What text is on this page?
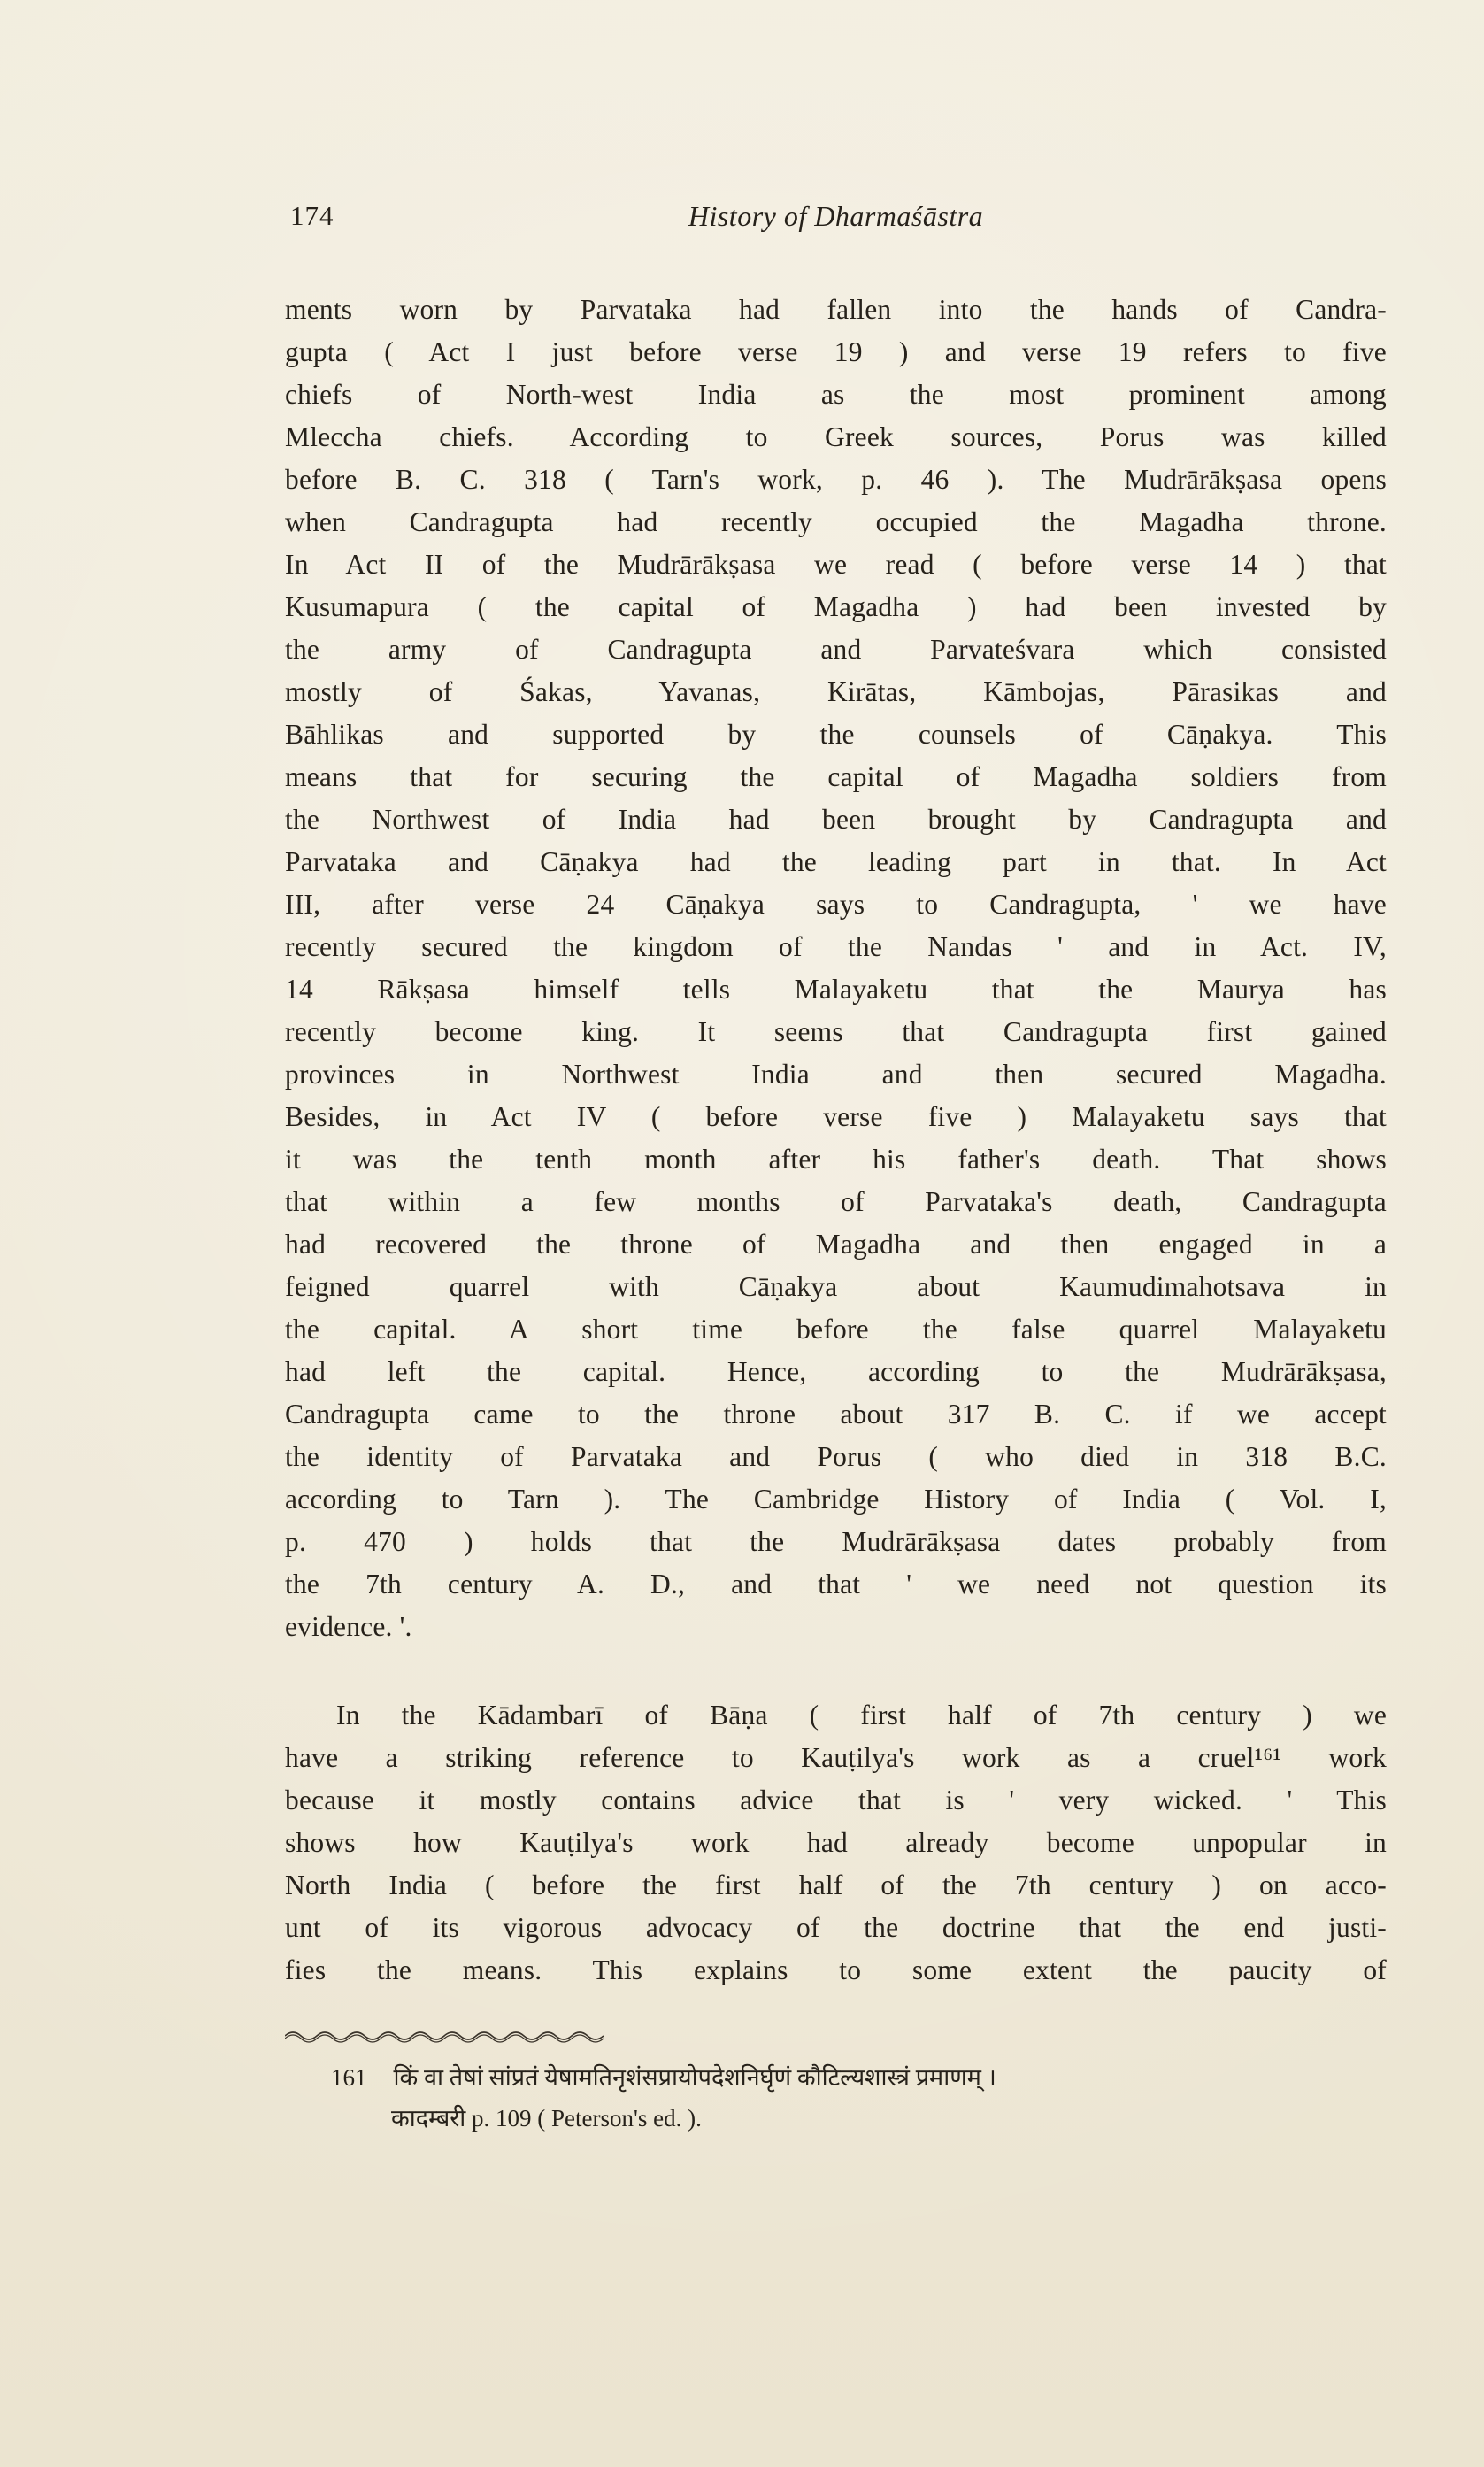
174	History of Dharmaśāstra
ments worn by Parvataka had fallen into the hands of Candra-
gupta ( Act I just before verse 19 ) and verse 19 refers to five
chiefs of North-west India as the most prominent among
Mleccha chiefs. According to Greek sources, Porus was killed
before B. C. 318 ( Tarn's work, p. 46 ). The Mudrārākṣasa opens
when Candragupta had recently occupied the Magadha throne.
In Act II of the Mudrārākṣasa we read ( before verse 14 ) that
Kusumapura ( the capital of Magadha ) had been invested by
the army of Candragupta and Parvateśvara which consisted
mostly of Śakas, Yavanas, Kirātas, Kāmbojas, Pārasikas and
Bāhlikas and supported by the counsels of Cāṇakya. This
means that for securing the capital of Magadha soldiers from
the Northwest of India had been brought by Candragupta and
Parvataka and Cāṇakya had the leading part in that. In Act
III, after verse 24 Cāṇakya says to Candragupta, ' we have
recently secured the kingdom of the Nandas ' and in Act. IV,
14 Rākṣasa himself tells Malayaketu that the Maurya has
recently become king. It seems that Candragupta first gained
provinces in Northwest India and then secured Magadha.
Besides, in Act IV ( before verse five ) Malayaketu says that
it was the tenth month after his father's death. That shows
that within a few months of Parvataka's death, Candragupta
had recovered the throne of Magadha and then engaged in a
feigned quarrel with Cāṇakya about Kaumudimahotsava in
the capital. A short time before the false quarrel Malayaketu
had left the capital. Hence, according to the Mudrārākṣasa,
Candragupta came to the throne about 317 B. C. if we accept
the identity of Parvataka and Porus ( who died in 318 B.C.
according to Tarn ). The Cambridge History of India ( Vol. I,
p. 470 ) holds that the Mudrārākṣasa dates probably from
the 7th century A. D., and that ' we need not question its
evidence. '.
In the Kādambarī of Bāṇa ( first half of 7th century ) we
have a striking reference to Kauṭilya's work as a cruel¹⁶¹ work
because it mostly contains advice that is ' very wicked. ' This
shows how Kauṭilya's work had already become unpopular in
North India ( before the first half of the 7th century ) on acco-
unt of its vigorous advocacy of the doctrine that the end justi-
fies the means. This explains to some extent the paucity of
161 किं वा तेषां सांप्रतं येषामतिनृशंसप्रायोपदेशनिर्घृणं कौटिल्यशास्त्रं प्रमाणम् ।
कादम्बरी p. 109 ( Peterson's ed. ).
